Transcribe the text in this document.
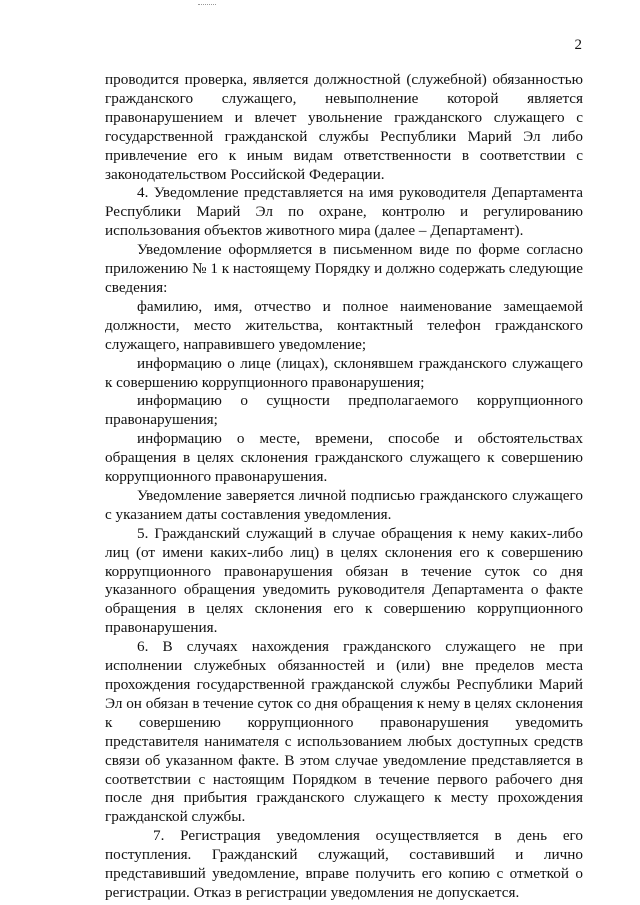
2

проводится проверка, является должностной (служебной) обязанностью гражданского служащего, невыполнение которой является правонарушением и влечет увольнение гражданского служащего с государственной гражданской службы Республики Марий Эл либо привлечение его к иным видам ответственности в соответствии с законодательством Российской Федерации.

4. Уведомление представляется на имя руководителя Департамента Республики Марий Эл по охране, контролю и регулированию использования объектов животного мира (далее – Департамент).

Уведомление оформляется в письменном виде по форме согласно приложению № 1 к настоящему Порядку и должно содержать следующие сведения:

фамилию, имя, отчество и полное наименование замещаемой должности, место жительства, контактный телефон гражданского служащего, направившего уведомление;

информацию о лице (лицах), склонявшем гражданского служащего к совершению коррупционного правонарушения;

информацию о сущности предполагаемого коррупционного правонарушения;

информацию о месте, времени, способе и обстоятельствах обращения в целях склонения гражданского служащего к совершению коррупционного правонарушения.

Уведомление заверяется личной подписью гражданского служащего с указанием даты составления уведомления.

5. Гражданский служащий в случае обращения к нему каких-либо лиц (от имени каких-либо лиц) в целях склонения его к совершению коррупционного правонарушения обязан в течение суток со дня указанного обращения уведомить руководителя Департамента о факте обращения в целях склонения его к совершению коррупционного правонарушения.

6. В случаях нахождения гражданского служащего не при исполнении служебных обязанностей и (или) вне пределов места прохождения государственной гражданской службы Республики Марий Эл он обязан в течение суток со дня обращения к нему в целях склонения к совершению коррупционного правонарушения уведомить представителя нанимателя с использованием любых доступных средств связи об указанном факте. В этом случае уведомление представляется в соответствии с настоящим Порядком в течение первого рабочего дня после дня прибытия гражданского служащего к месту прохождения гражданской службы.

7. Регистрация уведомления осуществляется в день его поступления. Гражданский служащий, составивший и лично представивший уведомление, вправе получить его копию с отметкой о регистрации. Отказ в регистрации уведомления не допускается.
